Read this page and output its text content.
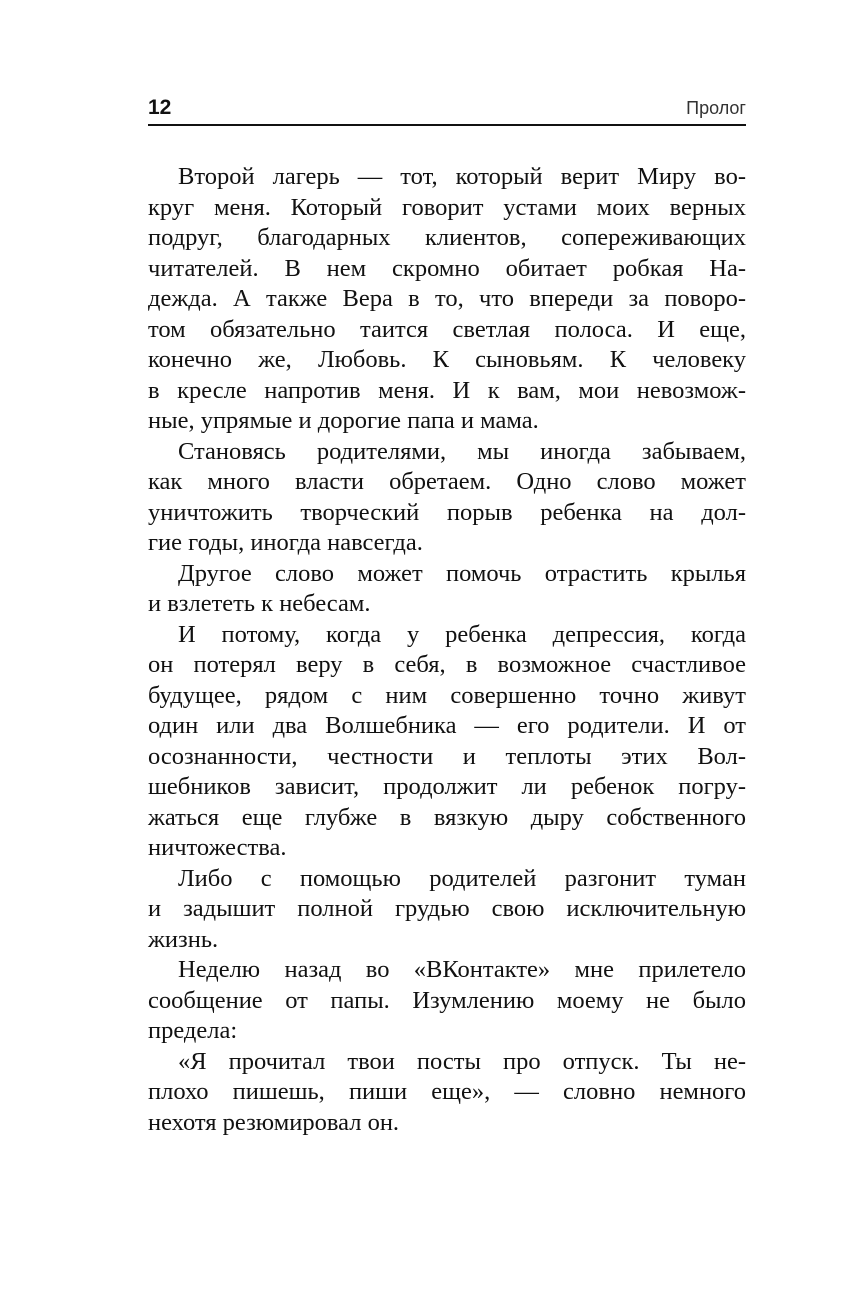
12	Пролог
Второй лагерь — тот, который верит Миру во-
круг меня. Который говорит устами моих верных
подруг, благодарных клиентов, сопереживающих
читателей. В нем скромно обитает робкая На-
дежда. А также Вера в то, что впереди за поворо-
том обязательно таится светлая полоса. И еще,
конечно же, Любовь. К сыновьям. К человеку
в кресле напротив меня. И к вам, мои невозмож-
ные, упрямые и дорогие папа и мама.
Становясь родителями, мы иногда забываем,
как много власти обретаем. Одно слово может
уничтожить творческий порыв ребенка на дол-
гие годы, иногда навсегда.
Другое слово может помочь отрастить крылья
и взлететь к небесам.
И потому, когда у ребенка депрессия, когда
он потерял веру в себя, в возможное счастливое
будущее, рядом с ним совершенно точно живут
один или два Волшебника — его родители. И от
осознанности, честности и теплоты этих Вол-
шебников зависит, продолжит ли ребенок погру-
жаться еще глубже в вязкую дыру собственного
ничтожества.
Либо с помощью родителей разгонит туман
и задышит полной грудью свою исключительную
жизнь.
Неделю назад во «ВКонтакте» мне прилетело
сообщение от папы. Изумлению моему не было
предела:
«Я прочитал твои посты про отпуск. Ты не-
плохо пишешь, пиши еще», — словно немного
нехотя резюмировал он.
